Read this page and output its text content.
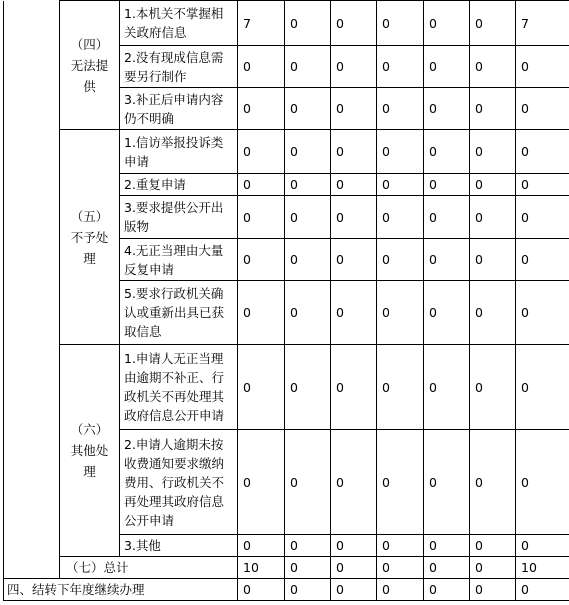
	（四）无法提供	1.本机关不掌握相关政府信息	7	0	0	0	0	0	7
		2.没有现成信息需要另行制作	0	0	0	0	0	0	0
		3.补正后申请内容仍不明确	0	0	0	0	0	0	0
	（五）不予处理	1.信访举报投诉类申请	0	0	0	0	0	0	0
		2.重复申请	0	0	0	0	0	0	0
		3.要求提供公开出版物	0	0	0	0	0	0	0
		4.无正当理由大量反复申请	0	0	0	0	0	0	0
		5.要求行政机关确认或重新出具已获取信息	0	0	0	0	0	0	0
	（六）其他处理	1.申请人无正当理由逾期不补正、行政机关不再处理其政府信息公开申请	0	0	0	0	0	0	0
		2.申请人逾期未按收费通知要求缴纳费用、行政机关不再处理其政府信息公开申请	0	0	0	0	0	0	0
		3.其他	0	0	0	0	0	0	0
	（七）总计		10	0	0	0	0	0	10
四、结转下年度继续办理			0	0	0	0	0	0	0
